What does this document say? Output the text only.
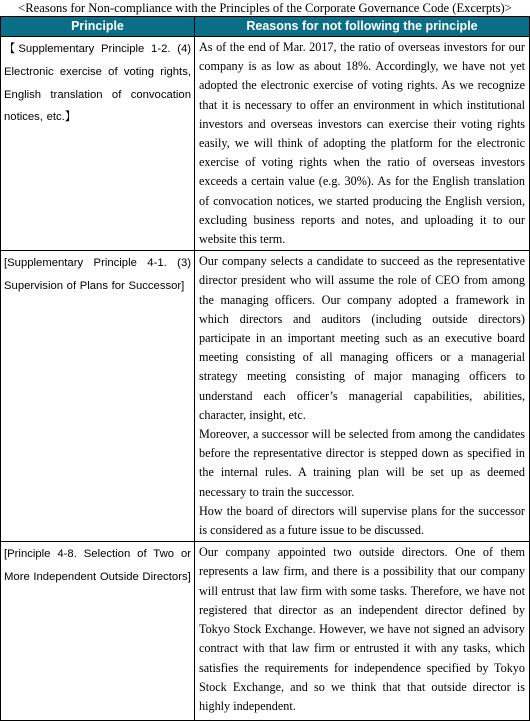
<Reasons for Non-compliance with the Principles of the Corporate Governance Code (Excerpts)>
Principle	Reasons for not following the principle
【Supplementary Principle 1-2. (4) Electronic exercise of voting rights, English translation of convocation notices, etc.】	As of the end of Mar. 2017, the ratio of overseas investors for our company is as low as about 18%. Accordingly, we have not yet adopted the electronic exercise of voting rights. As we recognize that it is necessary to offer an environment in which institutional investors and overseas investors can exercise their voting rights easily, we will think of adopting the platform for the electronic exercise of voting rights when the ratio of overseas investors exceeds a certain value (e.g. 30%). As for the English translation of convocation notices, we started producing the English version, excluding business reports and notes, and uploading it to our website this term.

[Supplementary Principle 4-1. (3) Supervision of Plans for Successor]	Our company selects a candidate to succeed as the representative director president who will assume the role of CEO from among the managing officers. Our company adopted a framework in which directors and auditors (including outside directors) participate in an important meeting such as an executive board meeting consisting of all managing officers or a managerial strategy meeting consisting of major managing officers to understand each officer’s managerial capabilities, abilities, character, insight, etc.

Moreover, a successor will be selected from among the candidates before the representative director is stepped down as specified in the internal rules. A training plan will be set up as deemed necessary to train the successor.

How the board of directors will supervise plans for the successor is considered as a future issue to be discussed.

[Principle 4-8. Selection of Two or More Independent Outside Directors]	Our company appointed two outside directors. One of them represents a law firm, and there is a possibility that our company will entrust that law firm with some tasks. Therefore, we have not registered that director as an independent director defined by Tokyo Stock Exchange. However, we have not signed an advisory contract with that law firm or entrusted it with any tasks, which satisfies the requirements for independence specified by Tokyo Stock Exchange, and so we think that that outside director is highly independent.
